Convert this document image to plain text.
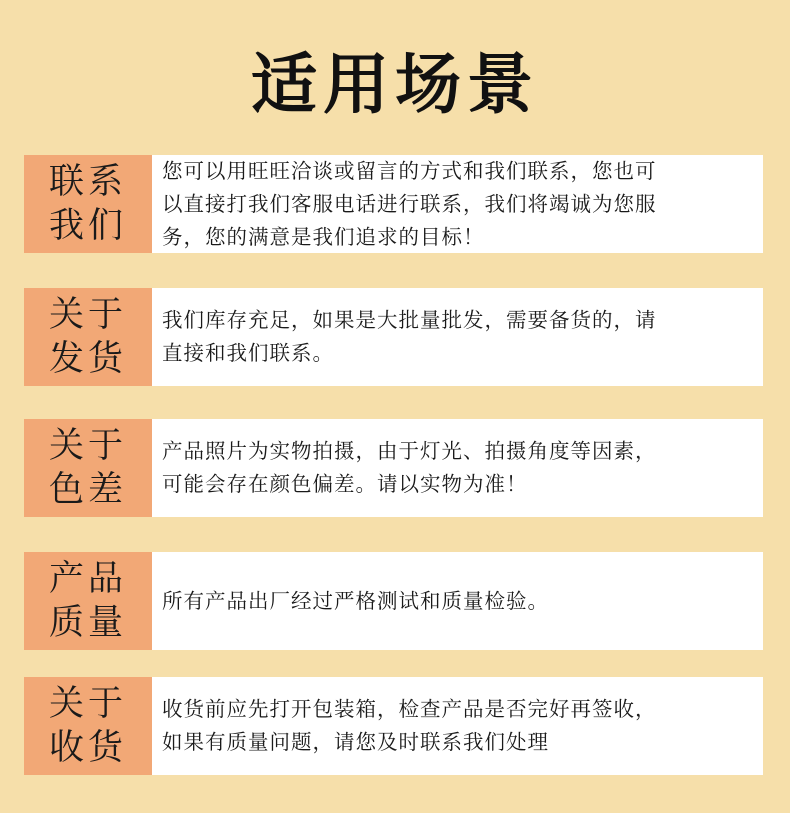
适用场景
联系
我们
您可以用旺旺洽谈或留言的方式和我们联系，您也可
以直接打我们客服电话进行联系，我们将竭诚为您服
务，您的满意是我们追求的目标！
关于
发货
我们库存充足，如果是大批量批发，需要备货的，请
直接和我们联系。
关于
色差
产品照片为实物拍摄，由于灯光、拍摄角度等因素，
可能会存在颜色偏差。请以实物为准！
产品
质量
所有产品出厂经过严格测试和质量检验。
关于
收货
收货前应先打开包装箱，检查产品是否完好再签收，
如果有质量问题，请您及时联系我们处理
